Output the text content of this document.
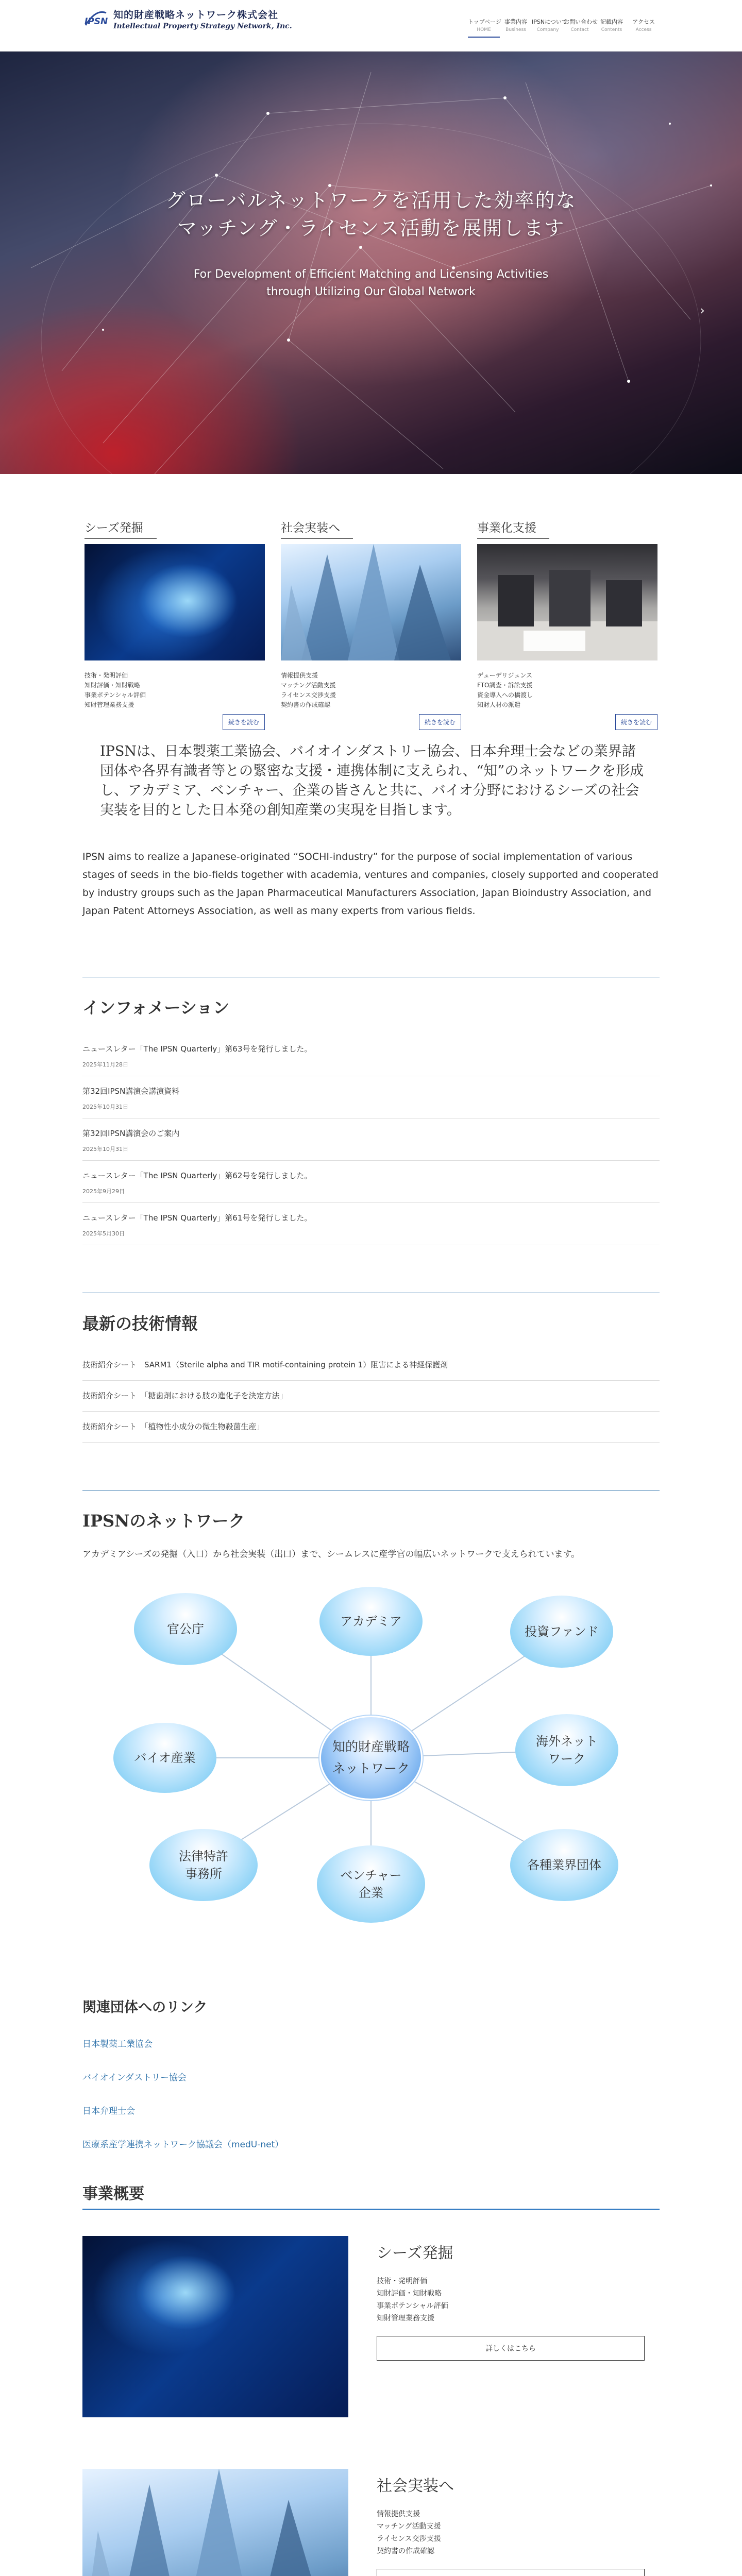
IPSN
知的財産戦略ネットワーク株式会社
Intellectual Property Strategy Network, Inc.
トップページ
HOME
事業内容
Business
IPSNについて
Company
お問い合わせ
Contact
記載内容
Contents
アクセス
Access
グローバルネットワークを活用した効率的な
マッチング・ライセンス活動を展開します
For Development of Efficient Matching and Licensing Activities
through Utilizing Our Global Network
›
シーズ発掘
技術・発明評価
知財評価・知財戦略
事業ポテンシャル評価
知財管理業務支援
続きを読む
社会実装へ
情報提供支援
マッチング活動支援
ライセンス交渉支援
契約書の作成確認
続きを読む
事業化支援
デューデリジェンス
FTO調査・訴訟支援
資金導入への橋渡し
知財人材の派遣
続きを読む

IPSNは、日本製薬工業協会、バイオインダストリー協会、日本弁理士会などの業界諸団体や各界有識者等との緊密な支援・連携体制に支えられ、“知”のネットワークを形成し、アカデミア、ベンチャー、企業の皆さんと共に、バイオ分野におけるシーズの社会実装を目的とした日本発の創知産業の実現を目指します。

IPSN aims to realize a Japanese-originated “SOCHI-industry” for the purpose of social implementation of various stages of seeds in the bio-fields together with academia, ventures and companies, closely supported and cooperated by industry groups such as the Japan Pharmaceutical Manufacturers Association, Japan Bioindustry Association, and Japan Patent Attorneys Association, as well as many experts from various fields.

インフォメーション
ニュースレター「The IPSN Quarterly」第63号を発行しました。
2025年11月28日
第32回IPSN講演会講演資料
2025年10月31日
第32回IPSN講演会のご案内
2025年10月31日
ニュースレター「The IPSN Quarterly」第62号を発行しました。
2025年9月29日
ニュースレター「The IPSN Quarterly」第61号を発行しました。
2025年5月30日
最新の技術情報
技術紹介シート　SARM1（Sterile alpha and TIR motif-containing protein 1）阻害による神経保護剤
技術紹介シート　「糖歯剤における肢の進化子を決定方法」
技術紹介シート　「植物性小成分の微生物殺菌生産」
IPSNのネットワーク

アカデミアシーズの発掘（入口）から社会実装（出口）まで、シームレスに産学官の幅広いネットワークで支えられています。

知的財産戦略
ネットワーク
官公庁
アカデミア
投資ファンド
バイオ産業
海外ネット
ワーク
法律特許
事務所	ベンチャー
企業
各種業界団体
関連団体へのリンク
日本製薬工業協会
バイオインダストリー協会
日本弁理士会
医療系産学連携ネットワーク協議会（medU-net）
事業概要
シーズ発掘
技術・発明評価
知財評価・知財戦略
事業ポテンシャル評価
知財管理業務支援
詳しくはこちら
社会実装へ
情報提供支援
マッチング活動支援
ライセンス交渉支援
契約書の作成確認
